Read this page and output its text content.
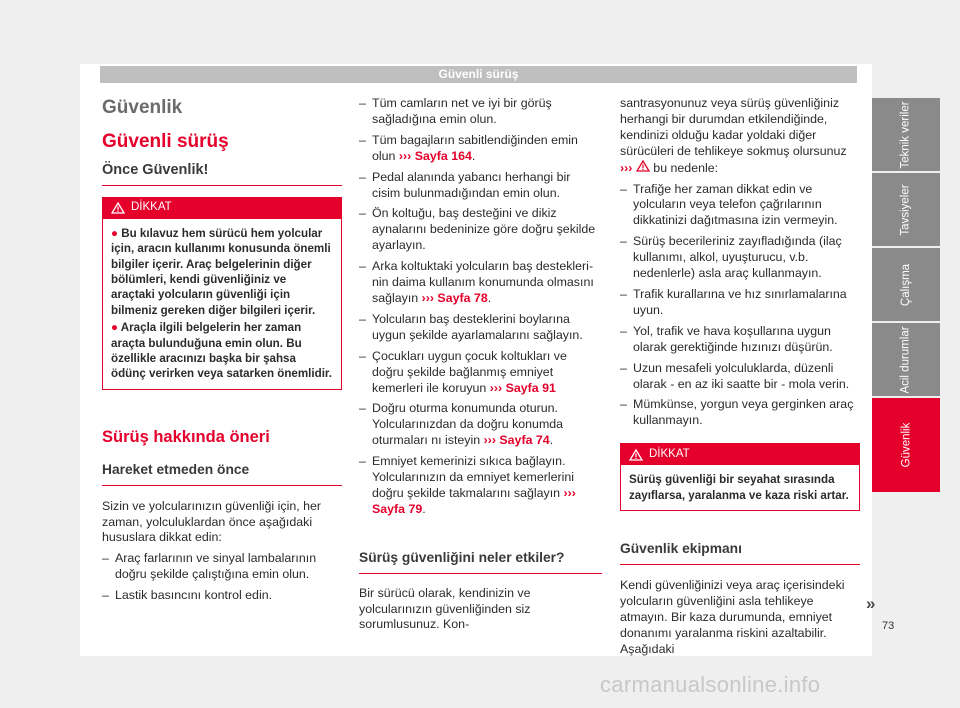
Güvenli sürüş
Güvenlik
Güvenli sürüş
Önce Güvenlik!
DİKKAT

● Bu kılavuz hem sürücü hem yolcular için, aracın kullanımı konusunda önemli bilgiler içerir. Araç belgelerinin diğer bölümleri, kendi güvenliğiniz ve araçtaki yolcuların güvenliği için bilmeniz gereken diğer bilgileri içerir.

● Araçla ilgili belgelerin her zaman araçta bulunduğuna emin olun. Bu özellikle aracınızı başka bir şahsa ödünç verirken veya satarken önemlidir.

Sürüş hakkında öneri
Hareket etmeden önce

Sizin ve yolcularınızın güvenliği için, her zaman, yolculuklardan önce aşağıdaki hususlara dikkat edin:

– Araç farlarının ve sinyal lambalarının doğru şekilde çalıştığına emin olun.
– Lastik basıncını kontrol edin.
– Tüm camların net ve iyi bir görüş sağladığına emin olun.
– Tüm bagajların sabitlendiğinden emin olun ››› Sayfa 164.
– Pedal alanında yabancı herhangi bir cisim bulunmadığından emin olun.
– Ön koltuğu, baş desteğini ve dikiz aynalarını bedeninize göre doğru şekilde ayarlayın.
– Arka koltuktaki yolcuların baş desteklerinin daima kullanım konumunda olmasını sağlayın ››› Sayfa 78.
– Yolcuların baş desteklerini boylarına uygun şekilde ayarlamalarını sağlayın.
– Çocukları uygun çocuk koltukları ve doğru şekilde bağlanmış emniyet kemerleri ile koruyun ››› Sayfa 91
– Doğru oturma konumunda oturun. Yolcularınızdan da doğru konumda oturmaları nı isteyin ››› Sayfa 74.
– Emniyet kemerinizi sıkıca bağlayın. Yolcularınızın da emniyet kemerlerini doğru şekilde takmalarını sağlayın ››› Sayfa 79.
Sürüş güvenliğini neler etkiler?

Bir sürücü olarak, kendinizin ve yolcularınızın güvenliğinden siz sorumlusunuz. Kon-

santrasyonunuz veya sürüş güvenliğiniz herhangi bir durumdan etkilendiğinde, kendinizi olduğu kadar yoldaki diğer sürücüleri de tehlikeye sokmuş olursunuz ››› bu nedenle:

– Trafiğe her zaman dikkat edin ve yolcuların veya telefon çağrılarının dikkatinizi dağıtmasına izin vermeyin.
– Sürüş becerileriniz zayıfladığında (ilaç kullanımı, alkol, uyuşturucu, v.b. nedenlerle) asla araç kullanmayın.
– Trafik kurallarına ve hız sınırlamalarına uyun.
– Yol, trafik ve hava koşullarına uygun olarak gerektiğinde hızınızı düşürün.
– Uzun mesafeli yolculuklarda, düzenli olarak - en az iki saatte bir - mola verin.
– Mümkünse, yorgun veya gerginken araç kullanmayın.
DİKKAT
Sürüş güvenliği bir seyahat sırasında zayıflarsa, yaralanma ve kaza riski artar.
Güvenlik ekipmanı

Kendi güvenliğinizi veya araç içerisindeki yolcuların güvenliğini asla tehlikeye atmayın. Bir kaza durumunda, emniyet donanımı yaralanma riskini azaltabilir. Aşağıdaki

»
Teknik veriler
Tavsiyeler
Çalışma
Acil durumlar
Güvenlik
73
carmanualsonline.info
